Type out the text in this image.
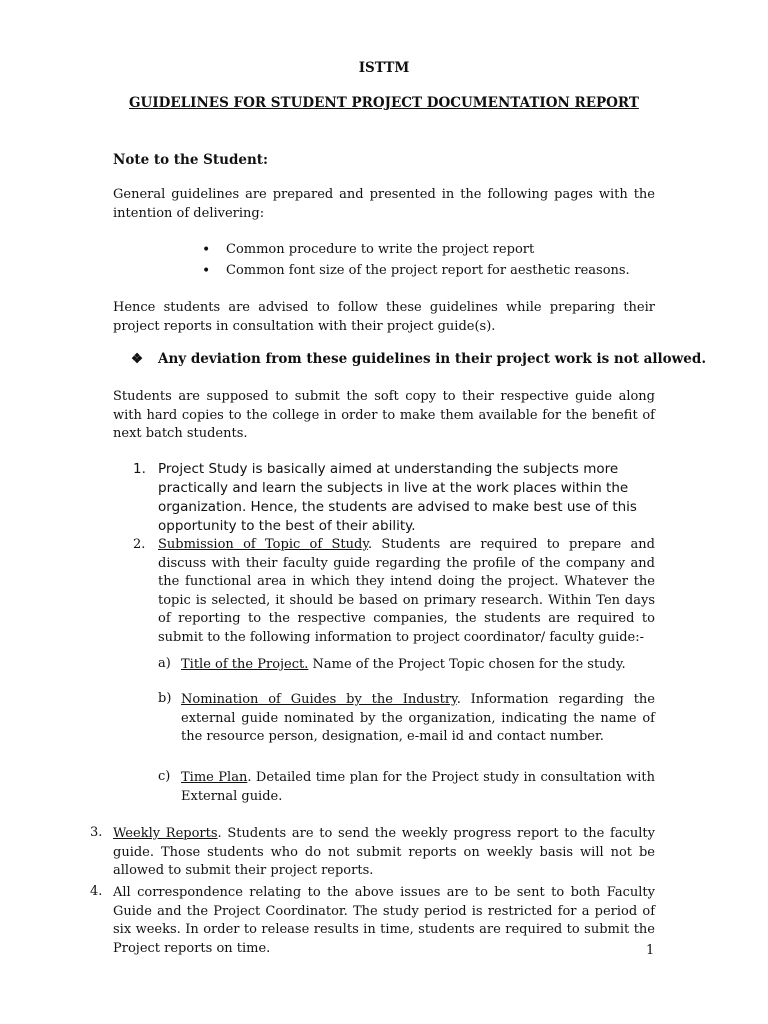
ISTTM
GUIDELINES FOR STUDENT PROJECT DOCUMENTATION REPORT
Note to the Student:
General guidelines are prepared and presented in the following pages with the intention of delivering:
• Common procedure to write the project report
• Common font size of the project report for aesthetic reasons.
Hence students are advised to follow these guidelines while preparing their project reports in consultation with their project guide(s).
❖ Any deviation from these guidelines in their project work is not allowed.
Students are supposed to submit the soft copy to their respective guide along with hard copies to the college in order to make them available for the benefit of next batch students.
1. Project Study is basically aimed at understanding the subjects more practically and learn the subjects in live at the work places within the organization. Hence, the students are advised to make best use of this opportunity to the best of their ability.
2. Submission of Topic of Study. Students are required to prepare and discuss with their faculty guide regarding the profile of the company and the functional area in which they intend doing the project. Whatever the topic is selected, it should be based on primary research. Within Ten days of reporting to the respective companies, the students are required to submit to the following information to project coordinator/ faculty guide:-
a) Title of the Project. Name of the Project Topic chosen for the study.
b) Nomination of Guides by the Industry. Information regarding the external guide nominated by the organization, indicating the name of the resource person, designation, e-mail id and contact number.
c) Time Plan. Detailed time plan for the Project study in consultation with External guide.
3. Weekly Reports. Students are to send the weekly progress report to the faculty guide. Those students who do not submit reports on weekly basis will not be allowed to submit their project reports.
4. All correspondence relating to the above issues are to be sent to both Faculty Guide and the Project Coordinator. The study period is restricted for a period of six weeks. In order to release results in time, students are required to submit the Project reports on time.	1
